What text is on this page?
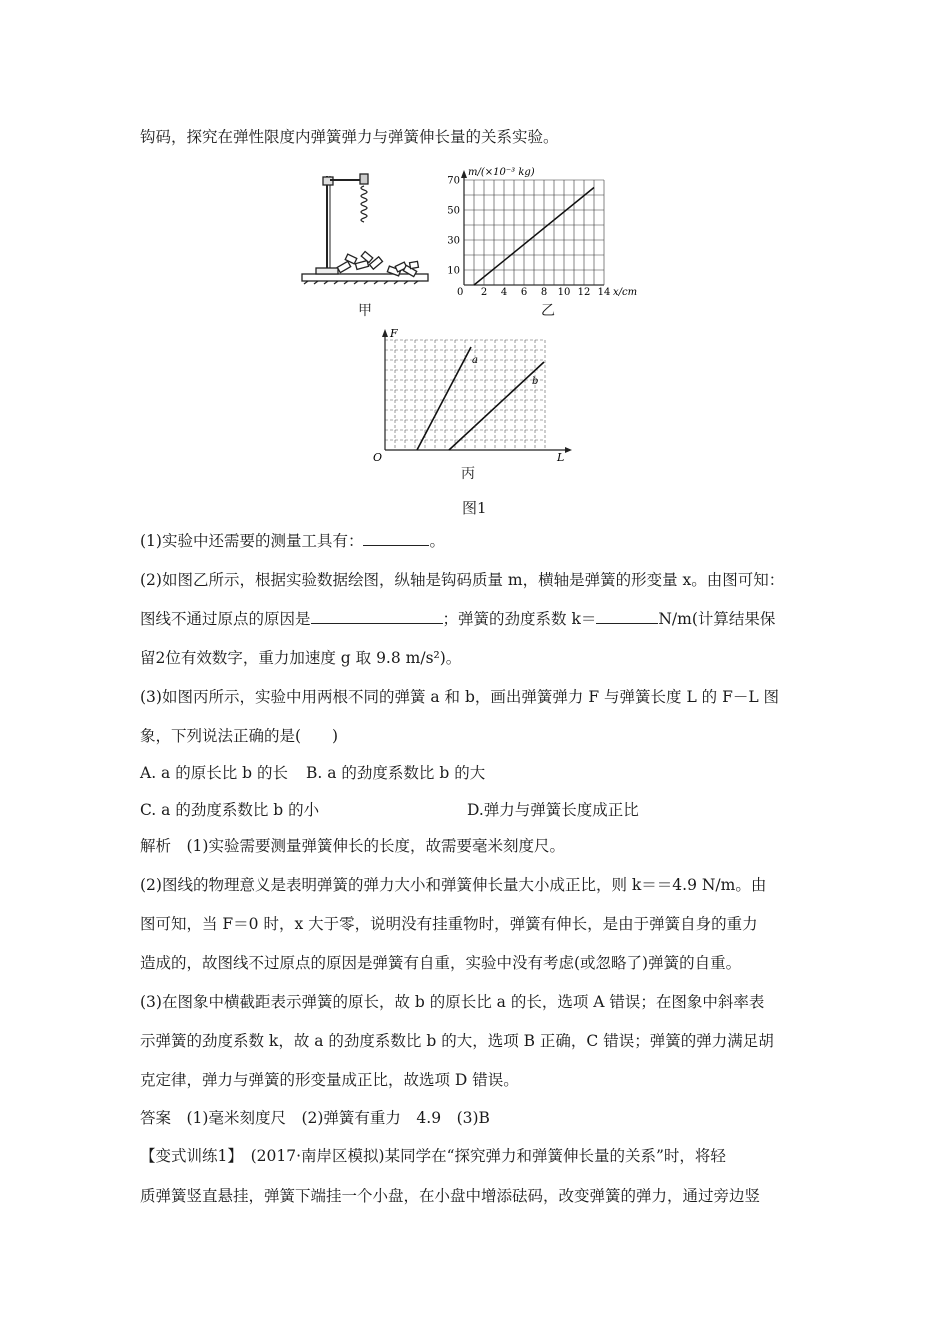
钩码，探究在弹性限度内弹簧弹力与弹簧伸长量的关系实验。
甲
2 4 6 8 10 12 14
10
30
50
70
m/(×10⁻³ kg)
x/cm
0
乙
a
b
F
L
O
丙
图1
(1)实验中还需要的测量工具有：	。
(2)如图乙所示，根据实验数据绘图，纵轴是钩码质量 m，横轴是弹簧的形变量 x。由图可知：
图线不通过原点的原因是	；弹簧的劲度系数 k＝	N/m(计算结果保
留2位有效数字，重力加速度 g 取 9.8 m/s²)。
(3)如图丙所示，实验中用两根不同的弹簧 a 和 b，画出弹簧弹力 F 与弹簧长度 L 的 F－L 图
象，下列说法正确的是(　　)
A. a 的原长比 b 的长 B. a 的劲度系数比 b 的大
C. a 的劲度系数比 b 的小	D.弹力与弹簧长度成正比
解析　(1)实验需要测量弹簧伸长的长度，故需要毫米刻度尺。
(2)图线的物理意义是表明弹簧的弹力大小和弹簧伸长量大小成正比，则 k＝＝4.9 N/m。由
图可知，当 F＝0 时，x 大于零，说明没有挂重物时，弹簧有伸长，是由于弹簧自身的重力
造成的，故图线不过原点的原因是弹簧有自重，实验中没有考虑(或忽略了)弹簧的自重。
(3)在图象中横截距表示弹簧的原长，故 b 的原长比 a 的长，选项 A 错误；在图象中斜率表
示弹簧的劲度系数 k，故 a 的劲度系数比 b 的大，选项 B 正确，C 错误；弹簧的弹力满足胡
克定律，弹力与弹簧的形变量成正比，故选项 D 错误。
答案　(1)毫米刻度尺　(2)弹簧有重力　4.9　(3)B
【变式训练1】　(2017·南岸区模拟)某同学在“探究弹力和弹簧伸长量的关系”时，将轻
质弹簧竖直悬挂，弹簧下端挂一个小盘，在小盘中增添砝码，改变弹簧的弹力，通过旁边竖
